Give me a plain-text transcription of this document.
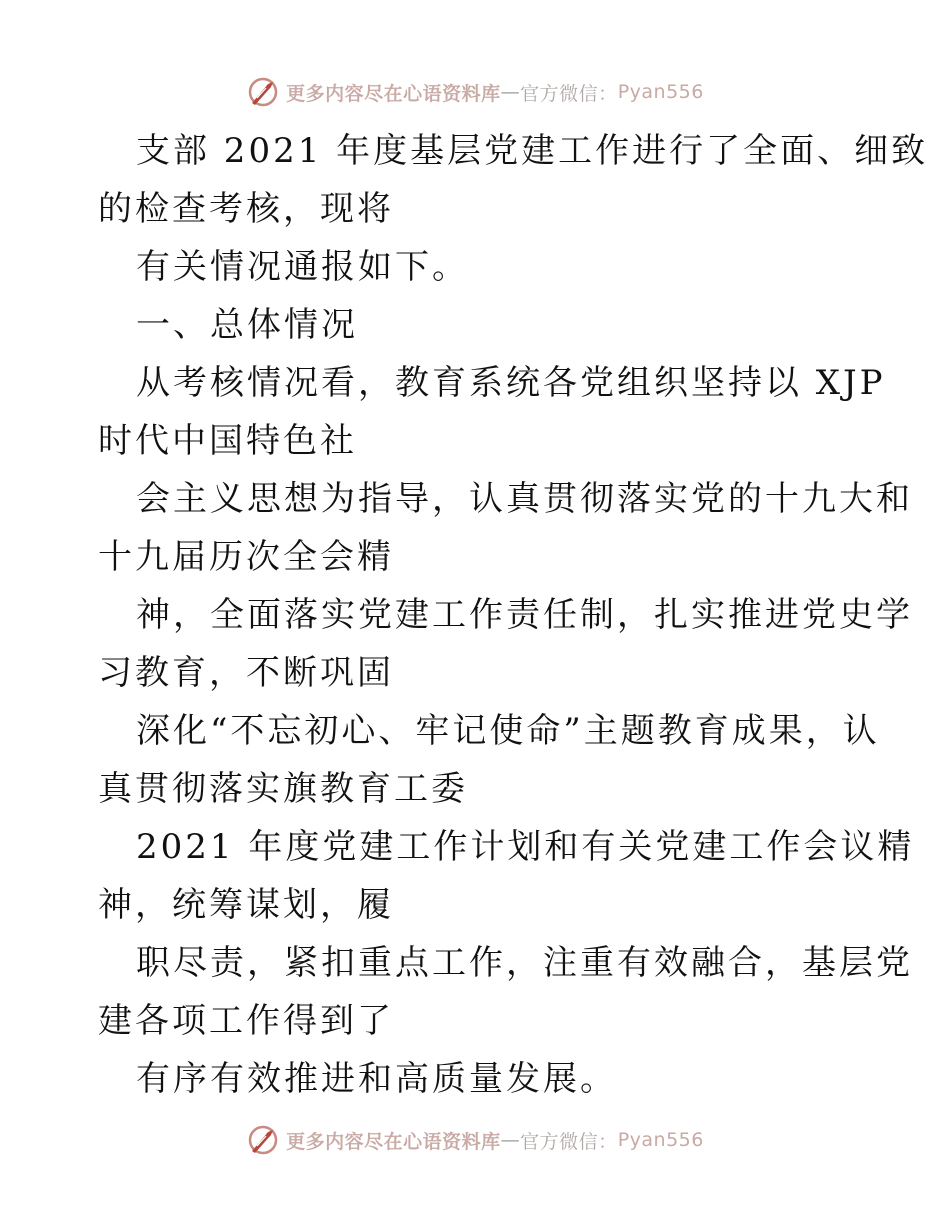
更多内容尽在心语资料库 — 官方微信： Pyan556

支部 2021 年度基层党建工作进行了全面、细致
的检查考核，现将

有关情况通报如下。

一、总体情况

从考核情况看，教育系统各党组织坚持以 XJP
时代中国特色社

会主义思想为指导，认真贯彻落实党的十九大和
十九届历次全会精

神，全面落实党建工作责任制，扎实推进党史学
习教育，不断巩固

深化“不忘初心、牢记使命”主题教育成果，认
真贯彻落实旗教育工委

2021 年度党建工作计划和有关党建工作会议精
神，统筹谋划，履

职尽责，紧扣重点工作，注重有效融合，基层党
建各项工作得到了

有序有效推进和高质量发展。

更多内容尽在心语资料库 — 官方微信： Pyan556
